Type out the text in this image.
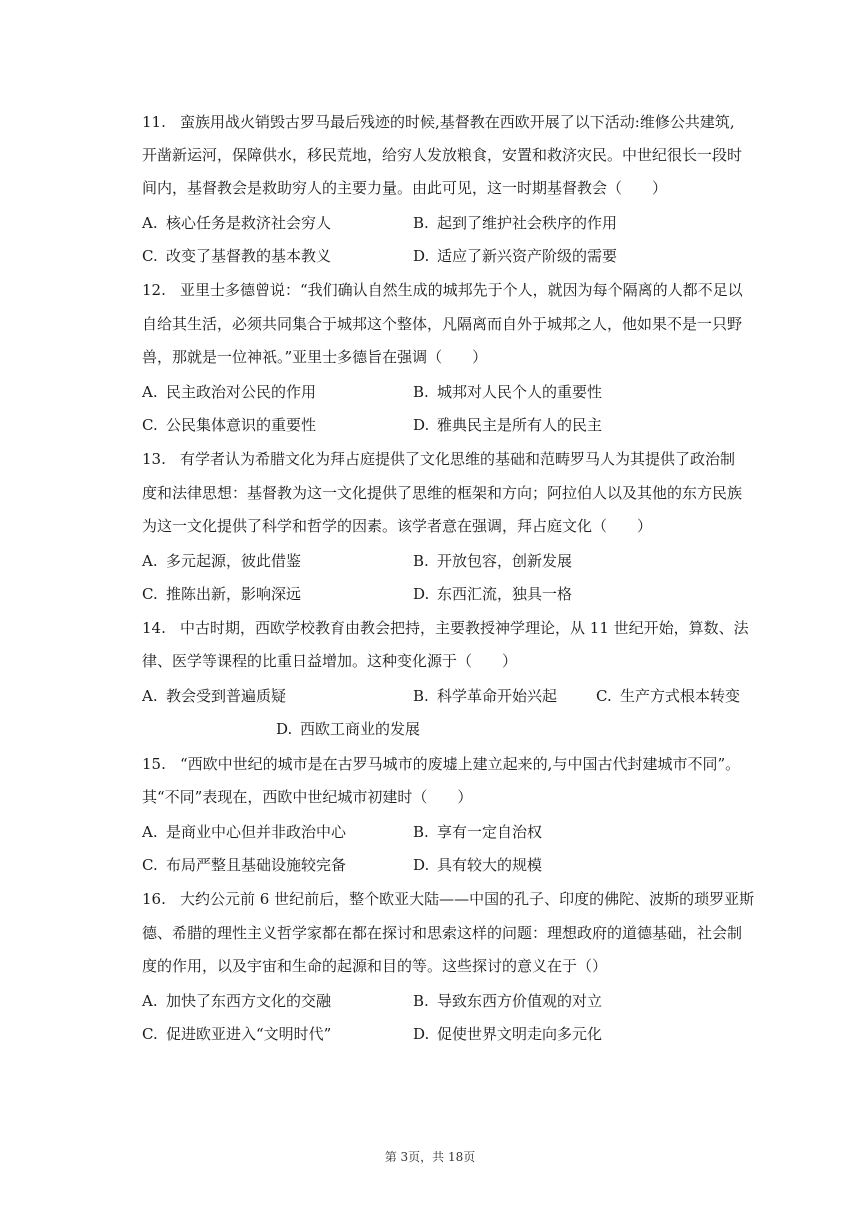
11. 蛮族用战火销毁古罗马最后残迹的时候,基督教在西欧开展了以下活动:维修公共建筑,
开凿新运河，保障供水，移民荒地，给穷人发放粮食，安置和救济灾民。中世纪很长一段时
间内，基督教会是救助穷人的主要力量。由此可见，这一时期基督教会（　　）
A. 核心任务是救济社会穷人	B. 起到了维护社会秩序的作用
C. 改变了基督教的基本教义	D. 适应了新兴资产阶级的需要
12. 亚里士多德曾说：“我们确认自然生成的城邦先于个人，就因为每个隔离的人都不足以
自给其生活，必须共同集合于城邦这个整体，凡隔离而自外于城邦之人，他如果不是一只野
兽，那就是一位神祇。”亚里士多德旨在强调（　　）
A. 民主政治对公民的作用	B. 城邦对人民个人的重要性
C. 公民集体意识的重要性	D. 雅典民主是所有人的民主
13. 有学者认为希腊文化为拜占庭提供了文化思维的基础和范畴罗马人为其提供了政治制
度和法律思想：基督教为这一文化提供了思维的框架和方向；阿拉伯人以及其他的东方民族
为这一文化提供了科学和哲学的因素。该学者意在强调，拜占庭文化（　　）
A. 多元起源，彼此借鉴	B. 开放包容，创新发展
C. 推陈出新，影响深远	D. 东西汇流，独具一格
14. 中古时期，西欧学校教育由教会把持，主要教授神学理论，从 11 世纪开始，算数、法
律、医学等课程的比重日益增加。这种变化源于（　　）
A. 教会受到普遍质疑	B. 科学革命开始兴起	C. 生产方式根本转变
D. 西欧工商业的发展
15. “西欧中世纪的城市是在古罗马城市的废墟上建立起来的,与中国古代封建城市不同”。
其“不同”表现在，西欧中世纪城市初建时（　　）
A. 是商业中心但并非政治中心	B. 享有一定自治权
C. 布局严整且基础设施较完备	D. 具有较大的规模
16. 大约公元前 6 世纪前后，整个欧亚大陆——中国的孔子、印度的佛陀、波斯的琐罗亚斯
德、希腊的理性主义哲学家都在都在探讨和思索这样的问题：理想政府的道德基础，社会制
度的作用，以及宇宙和生命的起源和目的等。这些探讨的意义在于（）
A. 加快了东西方文化的交融	B. 导致东西方价值观的对立
C. 促进欧亚进入“文明时代”	D. 促使世界文明走向多元化
第 3页，共 18页
